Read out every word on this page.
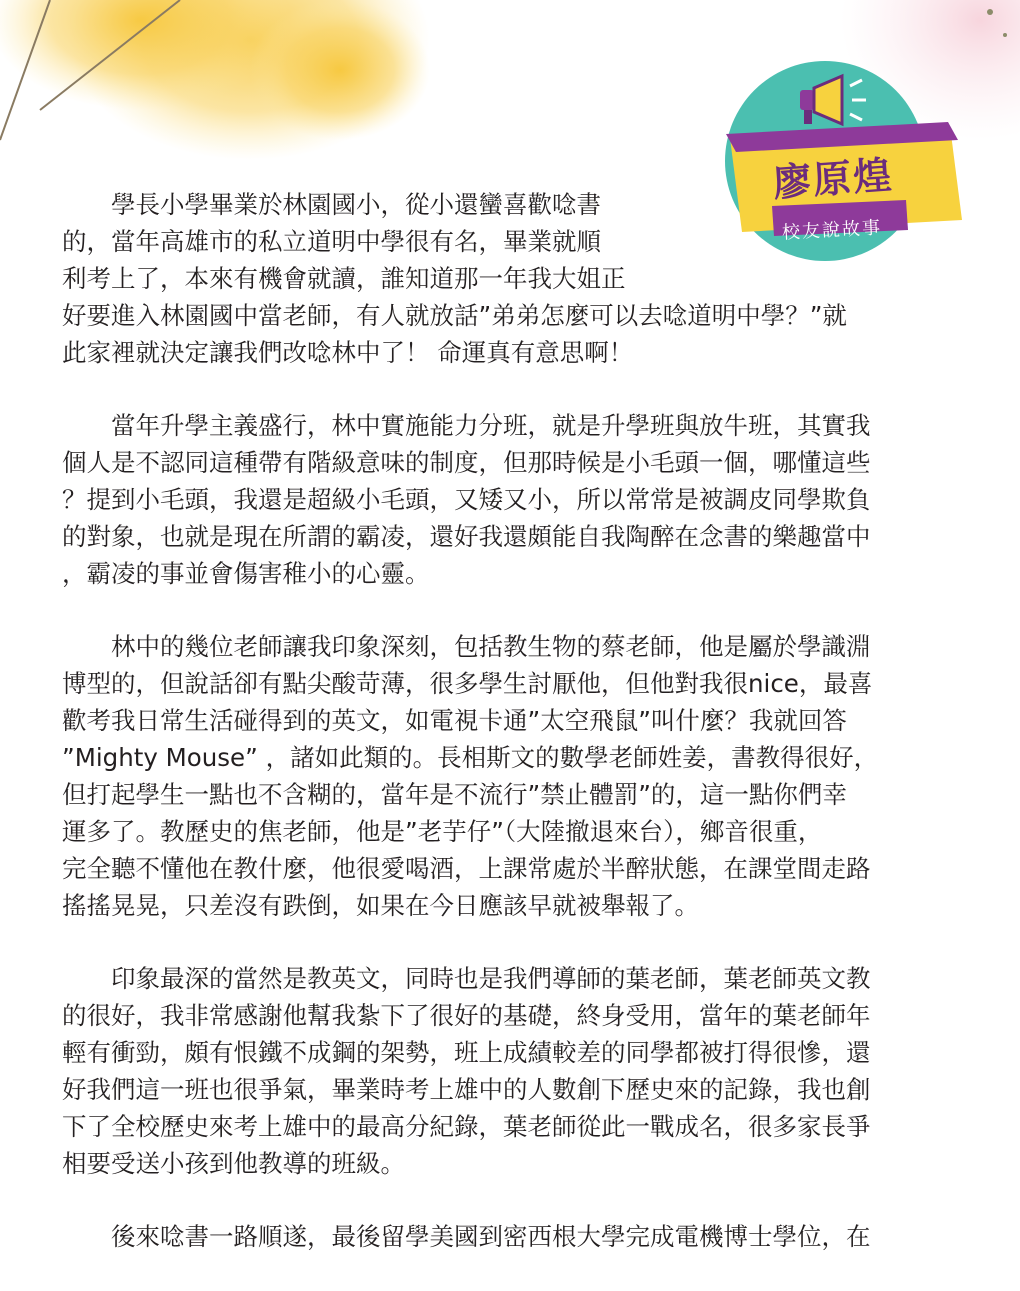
廖原煌
校友說故事
學長小學畢業於林園國小，從小還蠻喜歡唸書
的，當年高雄市的私立道明中學很有名，畢業就順
利考上了，本來有機會就讀，誰知道那一年我大姐正
好要進入林園國中當老師，有人就放話”弟弟怎麼可以去唸道明中學？”就
此家裡就決定讓我們改唸林中了！ 命運真有意思啊！
當年升學主義盛行，林中實施能力分班，就是升學班與放牛班，其實我
個人是不認同這種帶有階級意味的制度，但那時候是小毛頭一個，哪懂這些
？提到小毛頭，我還是超級小毛頭，又矮又小，所以常常是被調皮同學欺負
的對象，也就是現在所謂的霸凌，還好我還頗能自我陶醉在念書的樂趣當中
，霸凌的事並會傷害稚小的心靈。
林中的幾位老師讓我印象深刻，包括教生物的蔡老師，他是屬於學識淵
博型的，但說話卻有點尖酸苛薄，很多學生討厭他，但他對我很nice，最喜
歡考我日常生活碰得到的英文，如電視卡通”太空飛鼠”叫什麼？我就回答
”Mighty Mouse” ，諸如此類的。長相斯文的數學老師姓姜，書教得很好，
但打起學生一點也不含糊的，當年是不流行”禁止體罰”的，這一點你們幸
運多了。教歷史的焦老師，他是”老芋仔”（大陸撤退來台），鄉音很重，
完全聽不懂他在教什麼，他很愛喝酒，上課常處於半醉狀態，在課堂間走路
搖搖晃晃，只差沒有跌倒，如果在今日應該早就被舉報了。
印象最深的當然是教英文，同時也是我們導師的葉老師，葉老師英文教
的很好，我非常感謝他幫我紮下了很好的基礎，終身受用，當年的葉老師年
輕有衝勁，頗有恨鐵不成鋼的架勢，班上成績較差的同學都被打得很慘，還
好我們這一班也很爭氣，畢業時考上雄中的人數創下歷史來的記錄，我也創
下了全校歷史來考上雄中的最高分紀錄，葉老師從此一戰成名，很多家長爭
相要受送小孩到他教導的班級。
後來唸書一路順遂，最後留學美國到密西根大學完成電機博士學位，在
